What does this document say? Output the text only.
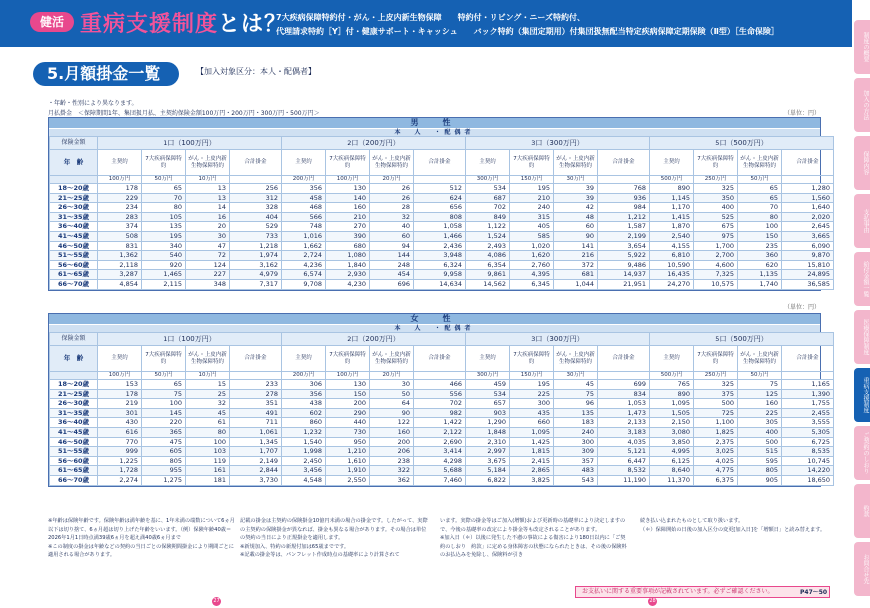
健活 重病支援制度とは？
7大疾病保障特約付・がん・上皮内新生物保障　　特約付・リビング・ニーズ特約付、
代理請求特約［Y］付・健康サポート・キャッシュ　　バック特約（集団定期用）付集団扱無配当特定疾病保障定期保険（Ⅱ型）［生命保険］
5.月額掛金一覧	【加入対象区分：本人・配偶者】
・年齢・性別により異なります。
月払掛金　＜保障期間1年、集団扱月払、主契約保険金額100万円・200万円・300万円・500万円＞	（単位：円）
（単位：円）
男　性
本　人　・配偶者
保険金額	1口（100万円）				2口（200万円）				3口（300万円）				5口（500万円）			
年　齢	主契約	7大疾病保障特約	がん・上皮内新生物保障特約	合計掛金	主契約	7大疾病保障特約	がん・上皮内新生物保障特約	合計掛金	主契約	7大疾病保障特約	がん・上皮内新生物保障特約	合計掛金	主契約	7大疾病保障特約	がん・上皮内新生物保障特約	合計掛金
	100万円	50万円	10万円		200万円	100万円	20万円		300万円	150万円	30万円		500万円	250万円	50万円	
18〜20歳	178	65	13	256	356	130	26	512	534	195	39	768	890	325	65	1,280
21〜25歳	229	70	13	312	458	140	26	624	687	210	39	936	1,145	350	65	1,560
26〜30歳	234	80	14	328	468	160	28	656	702	240	42	984	1,170	400	70	1,640
31〜35歳	283	105	16	404	566	210	32	808	849	315	48	1,212	1,415	525	80	2,020
36〜40歳	374	135	20	529	748	270	40	1,058	1,122	405	60	1,587	1,870	675	100	2,645
41〜45歳	508	195	30	733	1,016	390	60	1,466	1,524	585	90	2,199	2,540	975	150	3,665
46〜50歳	831	340	47	1,218	1,662	680	94	2,436	2,493	1,020	141	3,654	4,155	1,700	235	6,090
51〜55歳	1,362	540	72	1,974	2,724	1,080	144	3,948	4,086	1,620	216	5,922	6,810	2,700	360	9,870
56〜60歳	2,118	920	124	3,162	4,236	1,840	248	6,324	6,354	2,760	372	9,486	10,590	4,600	620	15,810
61〜65歳	3,287	1,465	227	4,979	6,574	2,930	454	9,958	9,861	4,395	681	14,937	16,435	7,325	1,135	24,895
66〜70歳	4,854	2,115	348	7,317	9,708	4,230	696	14,634	14,562	6,345	1,044	21,951	24,270	10,575	1,740	36,585
女　性
本　人　・配偶者
保険金額	1口（100万円）				2口（200万円）				3口（300万円）				5口（500万円）			
年　齢	主契約	7大疾病保障特約	がん・上皮内新生物保障特約	合計掛金	主契約	7大疾病保障特約	がん・上皮内新生物保障特約	合計掛金	主契約	7大疾病保障特約	がん・上皮内新生物保障特約	合計掛金	主契約	7大疾病保障特約	がん・上皮内新生物保障特約	合計掛金
	100万円	50万円	10万円		200万円	100万円	20万円		300万円	150万円	30万円		500万円	250万円	50万円	
18〜20歳	153	65	15	233	306	130	30	466	459	195	45	699	765	325	75	1,165
21〜25歳	178	75	25	278	356	150	50	556	534	225	75	834	890	375	125	1,390
26〜30歳	219	100	32	351	438	200	64	702	657	300	96	1,053	1,095	500	160	1,755
31〜35歳	301	145	45	491	602	290	90	982	903	435	135	1,473	1,505	725	225	2,455
36〜40歳	430	220	61	711	860	440	122	1,422	1,290	660	183	2,133	2,150	1,100	305	3,555
41〜45歳	616	365	80	1,061	1,232	730	160	2,122	1,848	1,095	240	3,183	3,080	1,825	400	5,305
46〜50歳	770	475	100	1,345	1,540	950	200	2,690	2,310	1,425	300	4,035	3,850	2,375	500	6,725
51〜55歳	999	605	103	1,707	1,998	1,210	206	3,414	2,997	1,815	309	5,121	4,995	3,025	515	8,535
56〜60歳	1,225	805	119	2,149	2,450	1,610	238	4,298	3,675	2,415	357	6,447	6,125	4,025	595	10,745
61〜65歳	1,728	955	161	2,844	3,456	1,910	322	5,688	5,184	2,865	483	8,532	8,640	4,775	805	14,220
66〜70歳	2,274	1,275	181	3,730	4,548	2,550	362	7,460	6,822	3,825	543	11,190	11,370	6,375	905	18,650
※年齢は保険年齢です。保険年齢は満年齢を基に、1年未満の端数について6ヵ月以下は切り捨て、6ヵ月超は切り上げた年齢をいいます。（例）保険年齢40歳＝2026年1月1日時点満39歳6ヵ月を超え満40歳6ヵ月まで
※この制度の掛金は年齢などの契約の当日ごとの保険期間掛金により期間ごとに適用される場合があります。
記載の掛金は主契約の保険掛金10億円未満の場合の掛金です。したがって、実際の主契約の保険掛金が異なれば、掛金も異なる場合があります。その場合は単位の契約の当日により正規掛金を適用します。
※新規加入、特約の新規付加は65歳までです。
※記載の掛金等は、パンフレット作成時点の基礎率により計算されて
います。実際の掛金等はご加入(増額)および更新時の基礎率により決定しますので、今後の基礎率の改定により掛金等も改定されることがあります。
※加入日（＊）以後に発生した不慮の事故による傷害により180日以内に「ご契約のしおり　約款」に定める身体障害の状態になられたときは、その後の保険料のお払込みを免除し、保険料が引き
続き払い込まれたものとして取り扱います。
（＊）保障開始の日後の加入区分の変更[加入日]を「増額日」と読み替えます。
お支払いに関する重要事項が記載されています。必ずご確認ください。	P47〜50
27	28
制度の概要
加入の方法
保障内容
支払事由
給付金額一覧
医療保障制度
重病支援制度
ご契約のしおり
約款
お問合せ先
